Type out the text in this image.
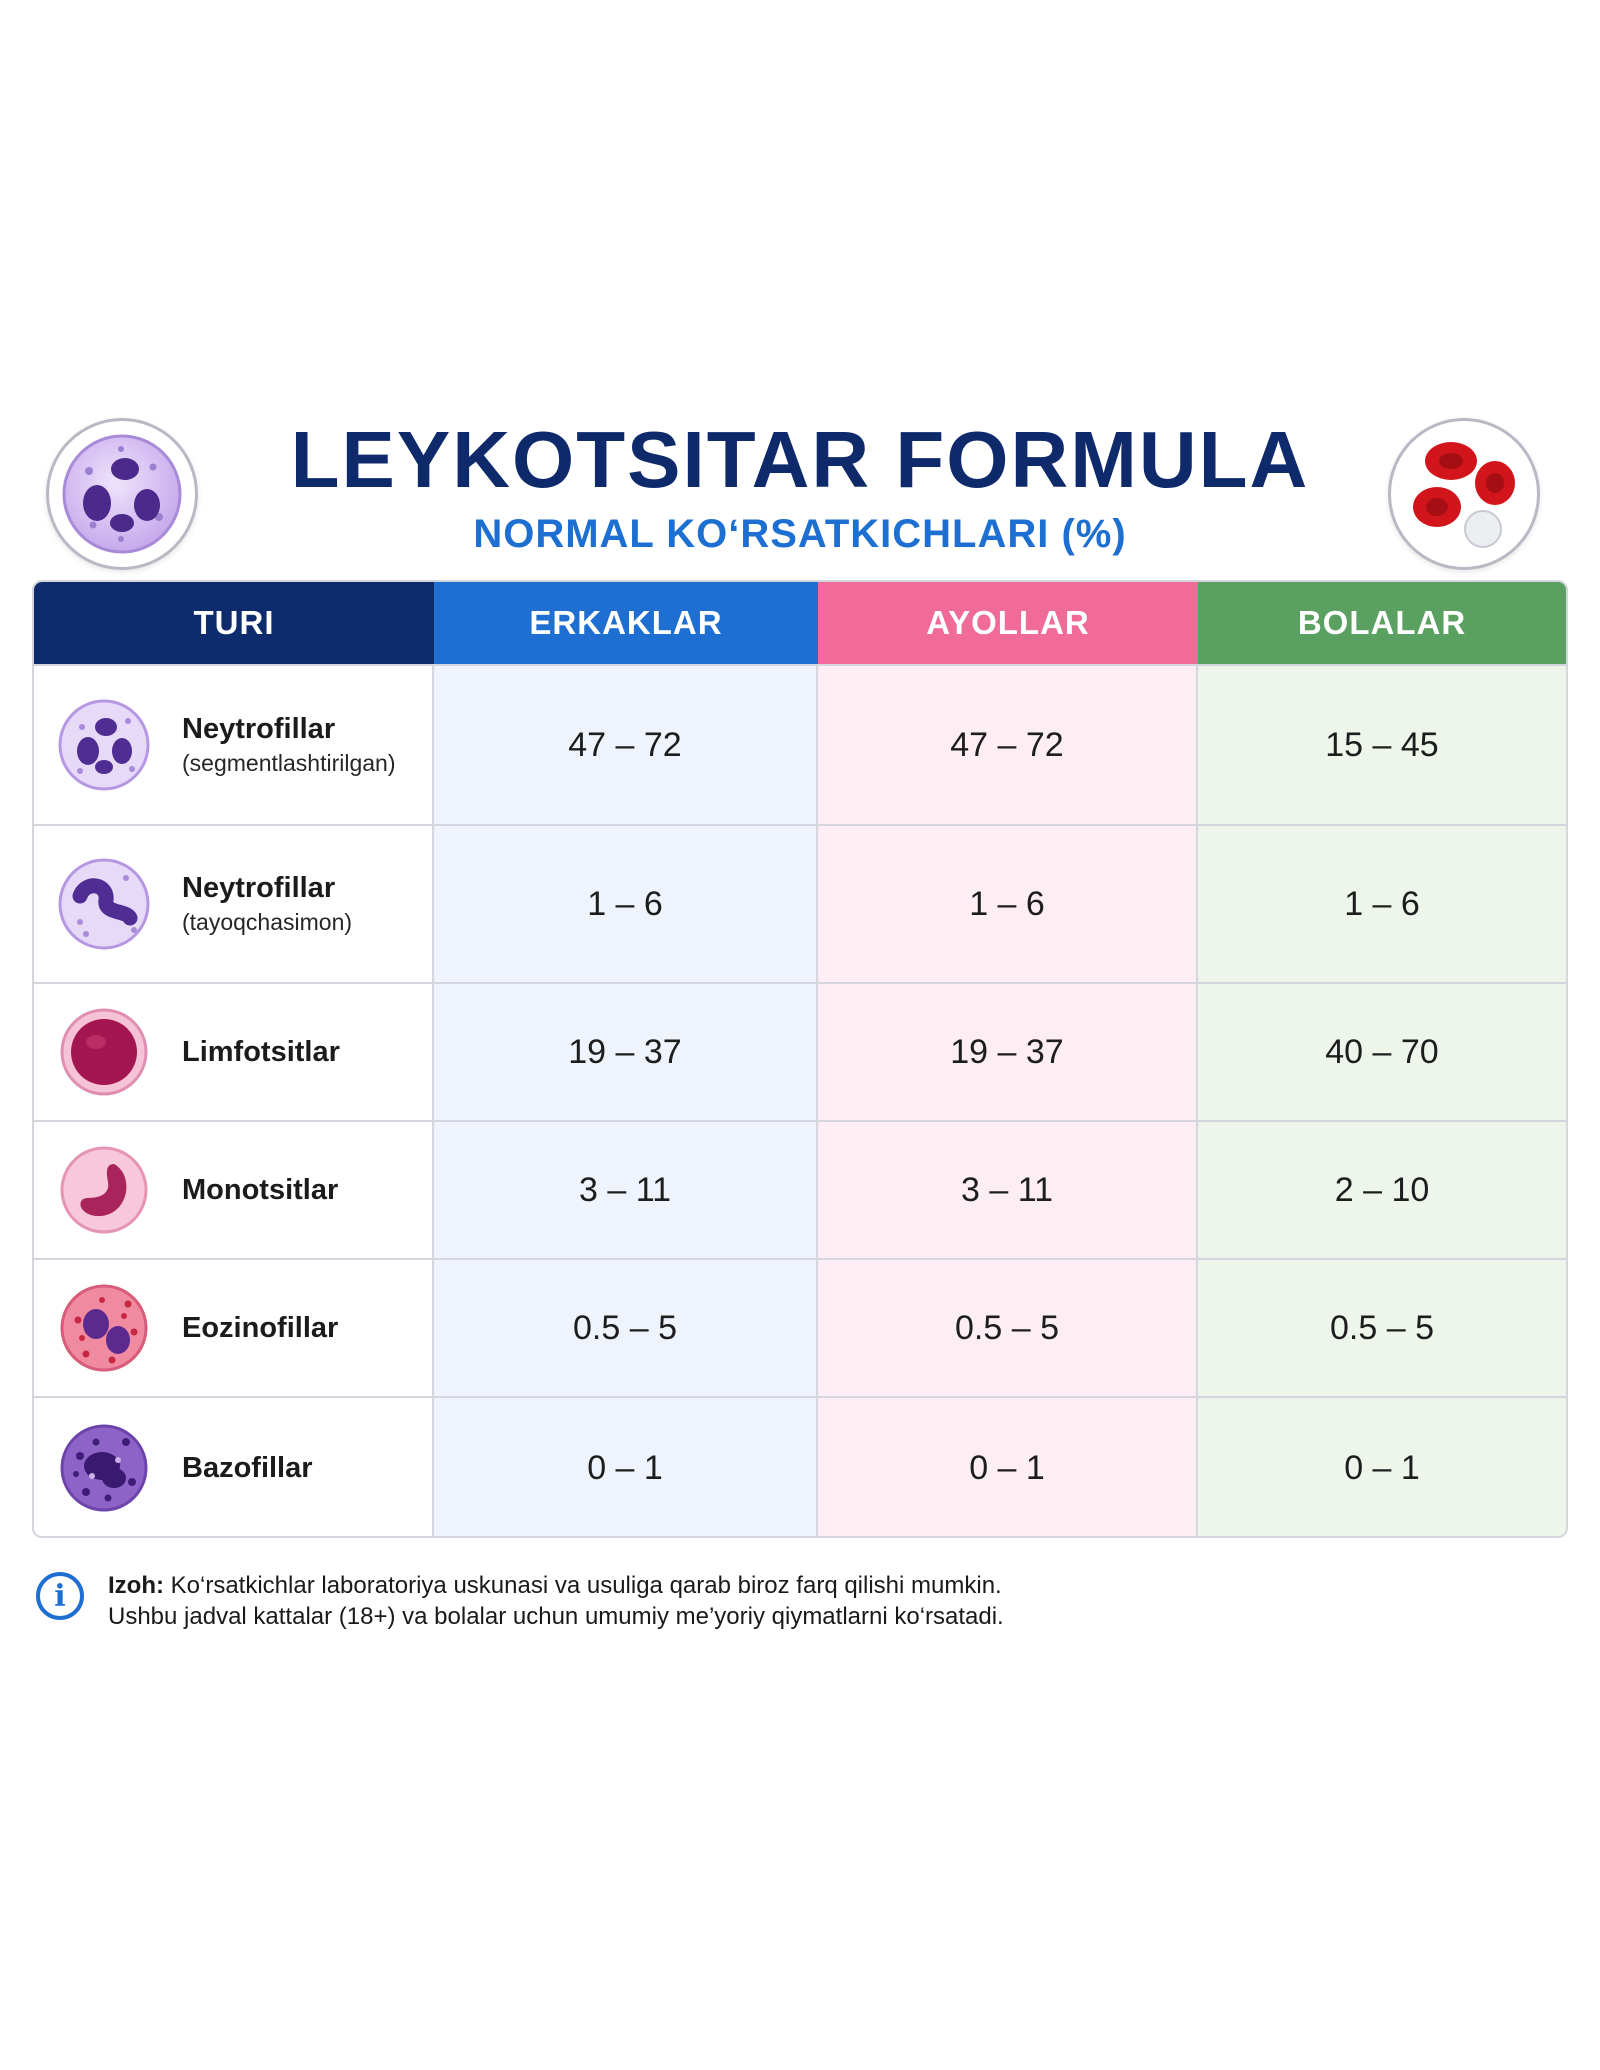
LEYKOTSITAR FORMULA
NORMAL KO‘RSATKICHLARI (%)
TURI	ERKAKLAR	AYOLLAR	BOLALAR
Neytrofillar
(segmentlashtirilgan)	47 – 72	47 – 72	15 – 45
Neytrofillar
(tayoqchasimon)	1 – 6	1 – 6	1 – 6
Limfotsitlar	19 – 37	19 – 37	40 – 70
Monotsitlar	3 – 11	3 – 11	2 – 10
Eozinofillar	0.5 – 5	0.5 – 5	0.5 – 5
Bazofillar	0 – 1	0 – 1	0 – 1
i	Izoh: Ko‘rsatkichlar laboratoriya uskunasi va usuliga qarab biroz farq qilishi mumkin.
Ushbu jadval kattalar (18+) va bolalar uchun umumiy me’yoriy qiymatlarni ko‘rsatadi.
